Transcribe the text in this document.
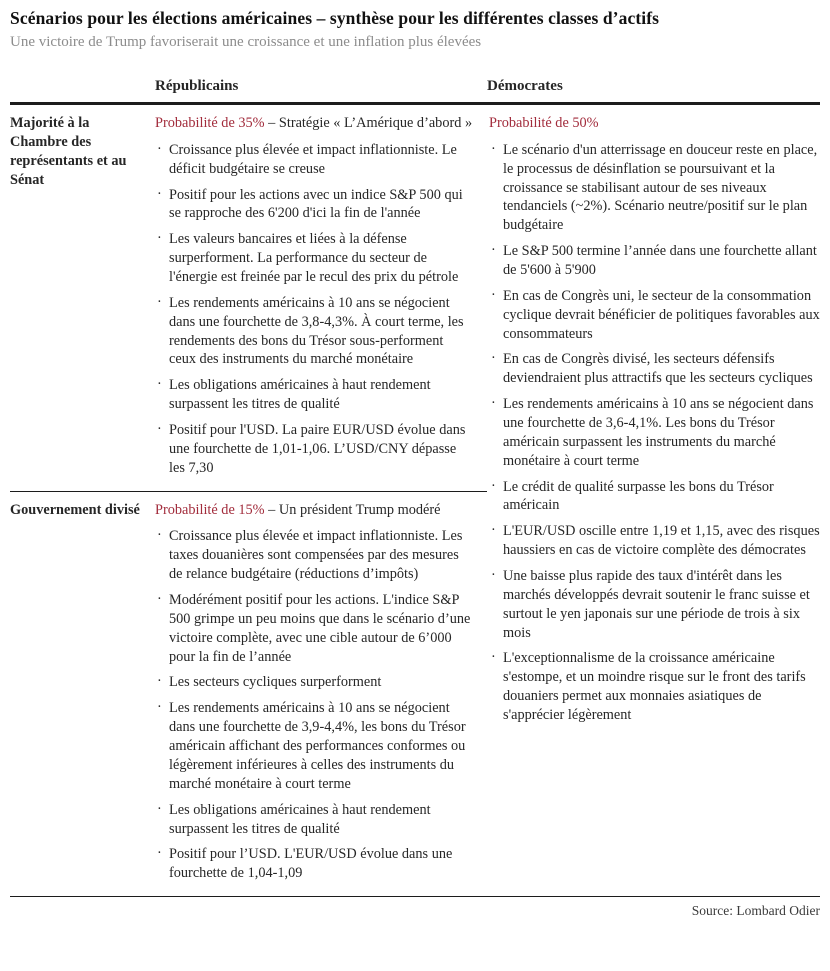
Scénarios pour les élections américaines – synthèse pour les différentes classes d’actifs
Une victoire de Trump favoriserait une croissance et une inflation plus élevées
Républicains	Démocrates
Majorité à la Chambre des représentants et au Sénat
Probabilité de 35% – Stratégie « L’Amérique d’abord »
· Croissance plus élevée et impact inflationniste. Le déficit budgétaire se creuse
· Positif pour les actions avec un indice S&P 500 qui se rapproche des 6'200 d'ici la fin de l'année
· Les valeurs bancaires et liées à la défense surperforment. La performance du secteur de l'énergie est freinée par le recul des prix du pétrole
· Les rendements américains à 10 ans se négocient dans une fourchette de 3,8-4,3%. À court terme, les rendements des bons du Trésor sous-performent ceux des instruments du marché monétaire
· Les obligations américaines à haut rendement surpassent les titres de qualité
· Positif pour l'USD. La paire EUR/USD évolue dans une fourchette de 1,01-1,06. L’USD/CNY dépasse les 7,30
Probabilité de 50%
· Le scénario d'un atterrissage en douceur reste en place, le processus de désinflation se poursuivant et la croissance se stabilisant autour de ses niveaux tendanciels (~2%). Scénario neutre/positif sur le plan budgétaire
· Le S&P 500 termine l’année dans une fourchette allant de 5'600 à 5'900
· En cas de Congrès uni, le secteur de la consommation cyclique devrait bénéficier de politiques favorables aux consommateurs
· En cas de Congrès divisé, les secteurs défensifs deviendraient plus attractifs que les secteurs cycliques
· Les rendements américains à 10 ans se négocient dans une fourchette de 3,6-4,1%. Les bons du Trésor américain surpassent les instruments du marché monétaire à court terme
· Le crédit de qualité surpasse les bons du Trésor américain
· L'EUR/USD oscille entre 1,19 et 1,15, avec des risques haussiers en cas de victoire complète des démocrates
· Une baisse plus rapide des taux d'intérêt dans les marchés développés devrait soutenir le franc suisse et surtout le yen japonais sur une période de trois à six mois
· L'exceptionnalisme de la croissance américaine s'estompe, et un moindre risque sur le front des tarifs douaniers permet aux monnaies asiatiques de s'apprécier légèrement
Gouvernement divisé	Probabilité de 15% – Un président Trump modéré
· Croissance plus élevée et impact inflationniste. Les taxes douanières sont compensées par des mesures de relance budgétaire (réductions d’impôts)
· Modérément positif pour les actions. L'indice S&P 500 grimpe un peu moins que dans le scénario d’une victoire complète, avec une cible autour de 6’000 pour la fin de l’année
· Les secteurs cycliques surperforment
· Les rendements américains à 10 ans se négocient dans une fourchette de 3,9-4,4%, les bons du Trésor américain affichant des performances conformes ou légèrement inférieures à celles des instruments du marché monétaire à court terme
· Les obligations américaines à haut rendement surpassent les titres de qualité
· Positif pour l’USD. L'EUR/USD évolue dans une fourchette de 1,04-1,09
Source: Lombard Odier
